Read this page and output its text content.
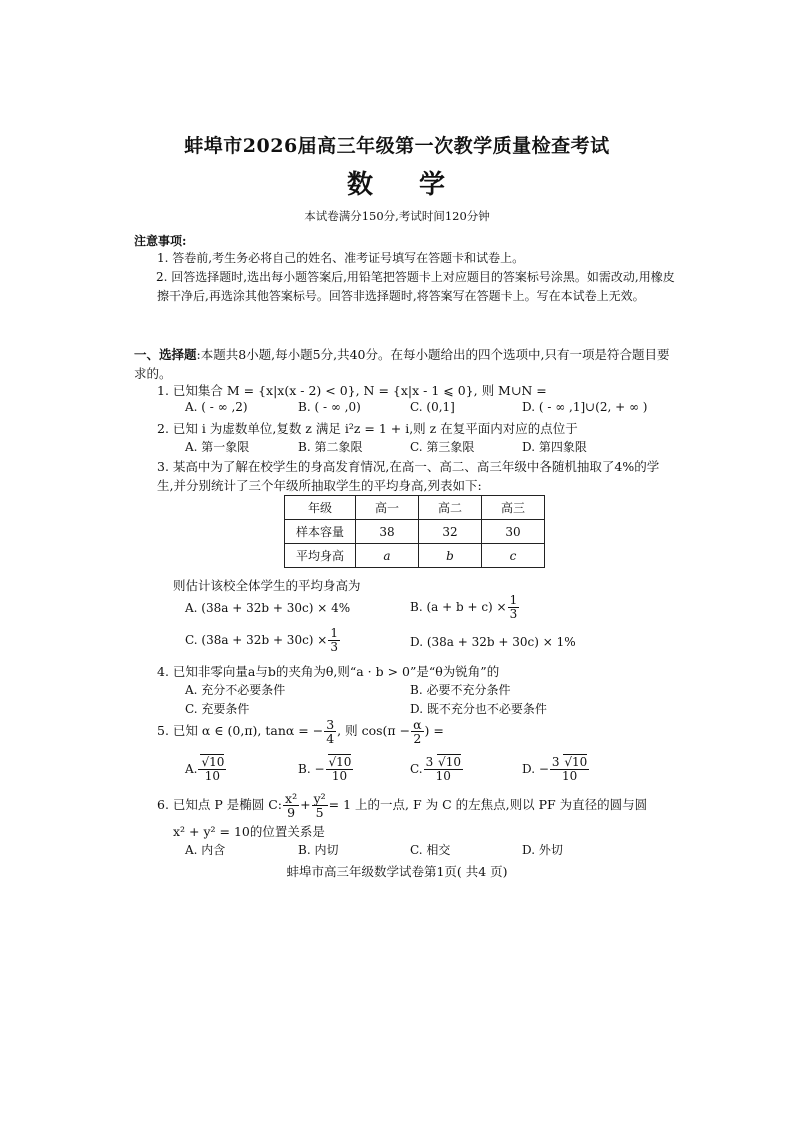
蚌埠市2026届高三年级第一次教学质量检查考试
数 学
本试卷满分150分,考试时间120分钟
注意事项:
1. 答卷前,考生务必将自己的姓名、准考证号填写在答题卡和试卷上。
2. 回答选择题时,选出每小题答案后,用铅笔把答题卡上对应题目的答案标号涂黑。如需改动,用橡皮擦干净后,再选涂其他答案标号。回答非选择题时,将答案写在答题卡上。写在本试卷上无效。
一、选择题:本题共8小题,每小题5分,共40分。在每小题给出的四个选项中,只有一项是符合题目要求的。
1. 已知集合 M = {x|x(x - 2) < 0}, N = {x|x - 1 ⩽ 0}, 则 M∪N =
A. ( - ∞ ,2)	B. ( - ∞ ,0)	C. (0,1]	D. ( - ∞ ,1]∪(2, + ∞ )
2. 已知 i 为虚数单位,复数 z 满足 i²z = 1 + i,则 z 在复平面内对应的点位于
A. 第一象限	B. 第二象限	C. 第三象限	D. 第四象限
3. 某高中为了解在校学生的身高发育情况,在高一、高二、高三年级中各随机抽取了4%的学生,并分别统计了三个年级所抽取学生的平均身高,列表如下:
年级	高一	高二	高三
样本容量	38	32	30
平均身高	a	b	c
则估计该校全体学生的平均身高为
A. (38a + 32b + 30c) × 4%	B. $(a + b + c) \times \frac{1}{3}$
C. $(38a + 32b + 30c) \times \frac{1}{3}$	D. (38a + 32b + 30c) × 1%
4. 已知非零向量a与b的夹角为θ,则“a · b > 0”是“θ为锐角”的
A. 充分不必要条件	B. 必要不充分条件
C. 充要条件	D. 既不充分也不必要条件
5. 已知 α ∈ (0,π), tanα = − $\frac{3}{4}$ , 则 $\cos(\pi - \frac{\alpha}{2}$ ) =
A. $\frac{√10}{10}$	B. − $\frac{√10}{10}$	C. $\frac{3 √10}{10}$	D. − $\frac{3 √10}{10}$
6. 已知点 P 是椭圆 C: $\frac{\text{x²}}{9} + \frac{\text{y²}}{5} = 1$ 上的一点, F 为 C 的左焦点,则以 PF 为直径的圆与圆
x² + y² = 10的位置关系是
A. 内含	B. 内切	C. 相交	D. 外切
蚌埠市高三年级数学试卷第1页( 共4 页)
